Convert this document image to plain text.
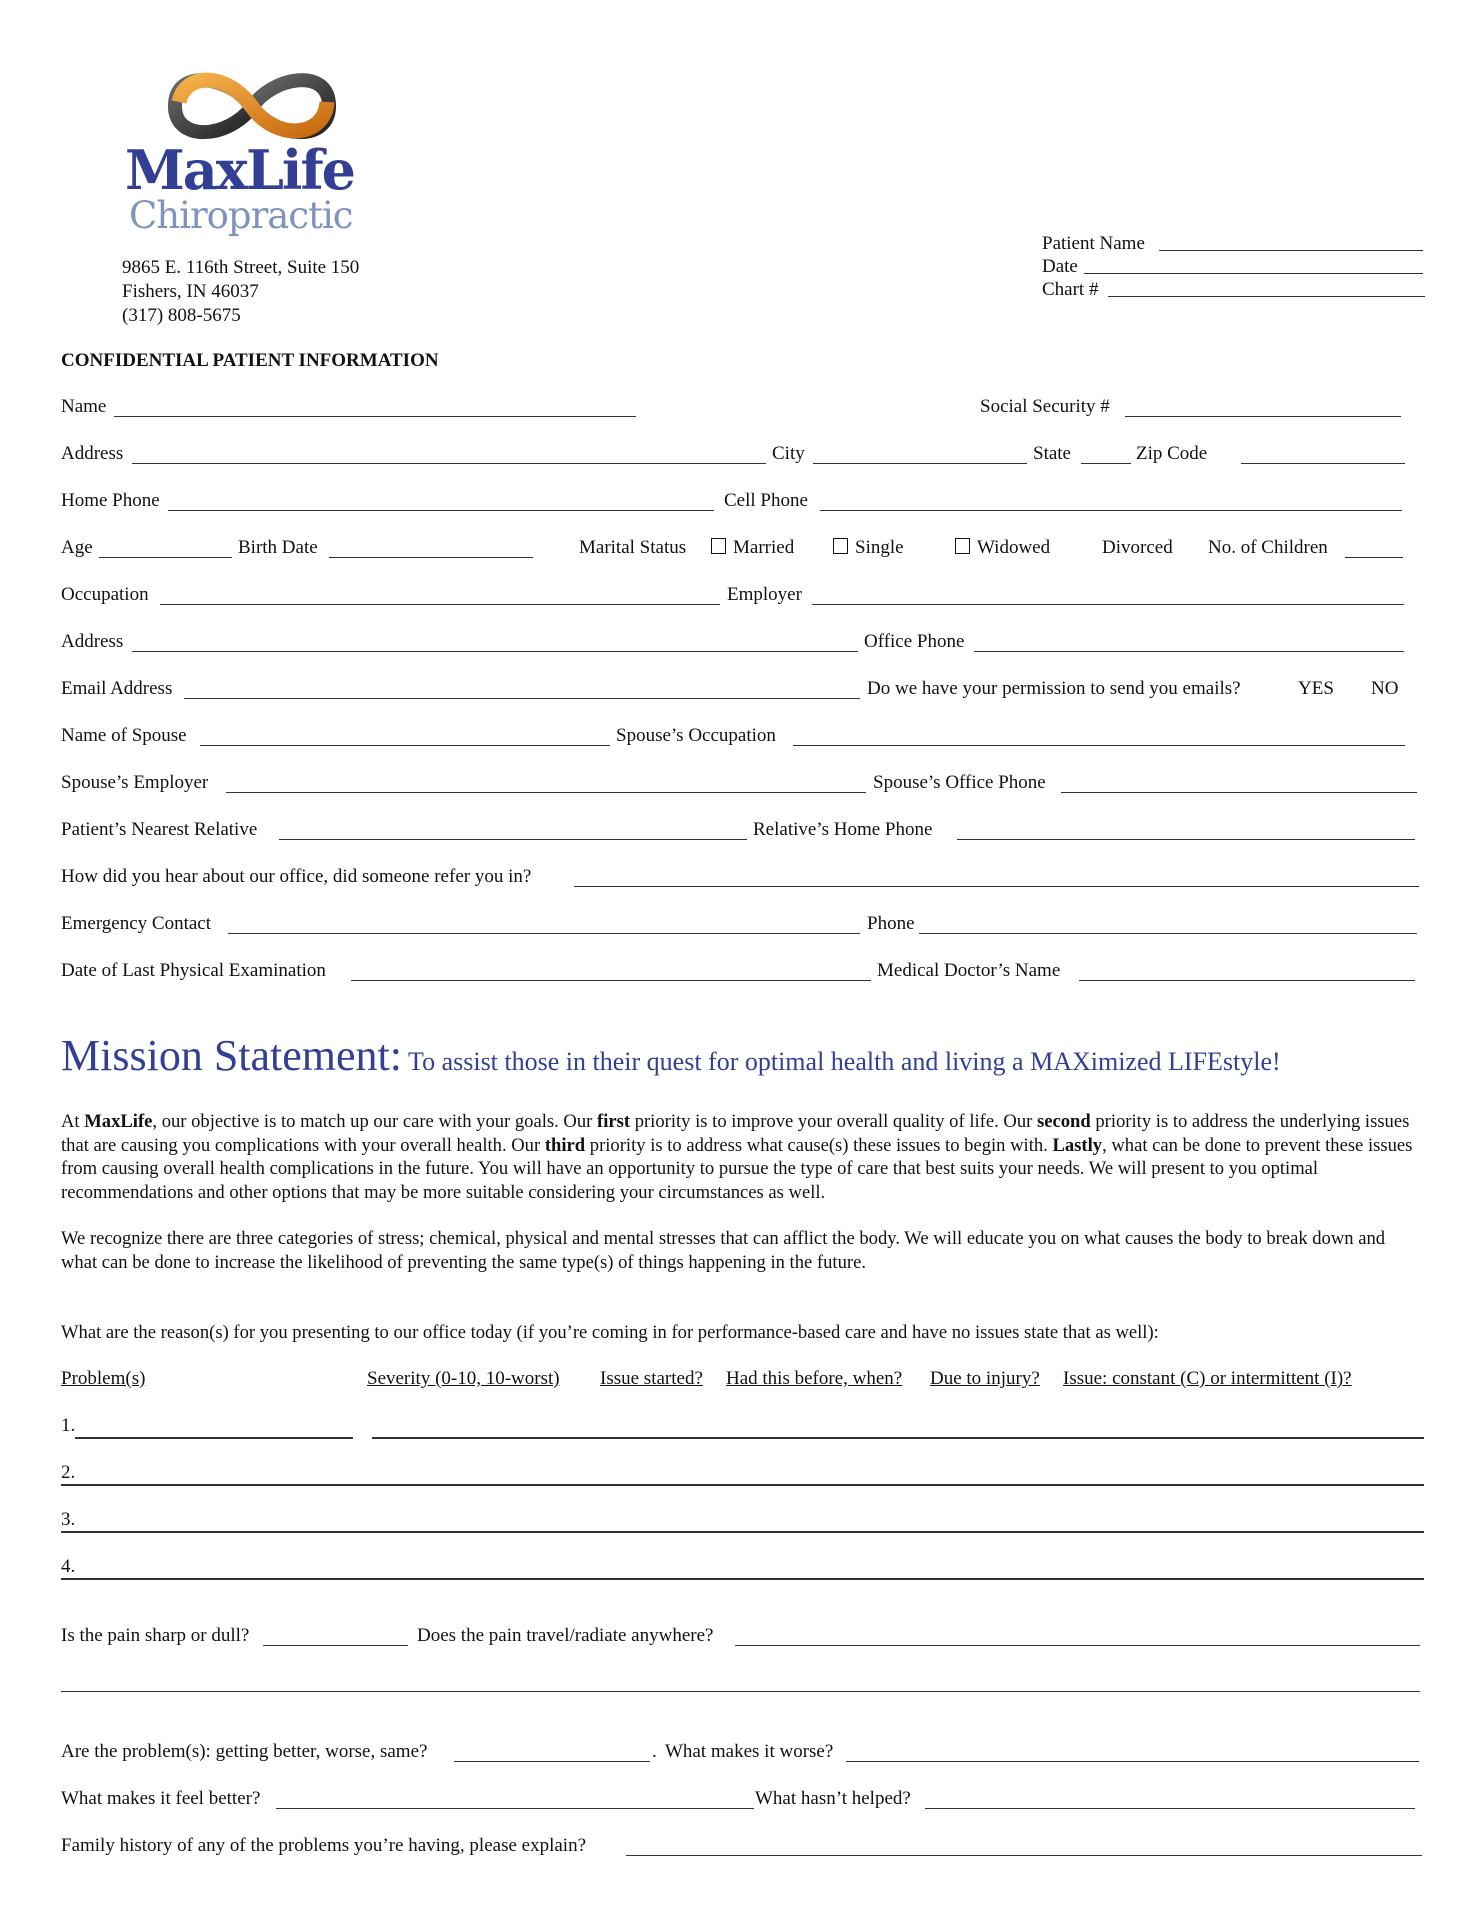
MaxLife
Chiropractic
9865 E. 116th Street, Suite 150
Fishers, IN 46037
(317) 808-5675
Patient Name
Date
Chart #
CONFIDENTIAL PATIENT INFORMATION
Name	Social Security #
Address	City	State	Zip Code
Home Phone	Cell Phone
Age	Birth Date	Marital Status	Married	Single	Widowed	Divorced No. of Children
Occupation	Employer
Address	Office Phone
Email Address	Do we have your permission to send you emails?	YES NO
Name of Spouse	Spouse’s Occupation
Spouse’s Employer	Spouse’s Office Phone
Patient’s Nearest Relative	Relative’s Home Phone
How did you hear about our office, did someone refer you in?
Emergency Contact	Phone
Date of Last Physical Examination	Medical Doctor’s Name
Mission Statement: To assist those in their quest for optimal health and living a MAXimized LIFEstyle!
At MaxLife, our objective is to match up our care with your goals. Our first priority is to improve your overall quality of life. Our second priority is to address the underlying issues that are causing you complications with your overall health. Our third priority is to address what cause(s) these issues to begin with. Lastly, what can be done to prevent these issues from causing overall health complications in the future. You will have an opportunity to pursue the type of care that best suits your needs. We will present to you optimal recommendations and other options that may be more suitable considering your circumstances as well.
We recognize there are three categories of stress; chemical, physical and mental stresses that can afflict the body. We will educate you on what causes the body to break down and what can be done to increase the likelihood of preventing the same type(s) of things happening in the future.
What are the reason(s) for you presenting to our office today (if you’re coming in for performance-based care and have no issues state that as well):
Problem(s)	Severity (0-10, 10-worst) Issue started? Had this before, when? Due to injury? Issue: constant (C) or intermittent (I)?
1.
2.
3.
4.
Is the pain sharp or dull?	Does the pain travel/radiate anywhere?
Are the problem(s): getting better, worse, same?	. What makes it worse?
What makes it feel better?	What hasn’t helped?
Family history of any of the problems you’re having, please explain?
